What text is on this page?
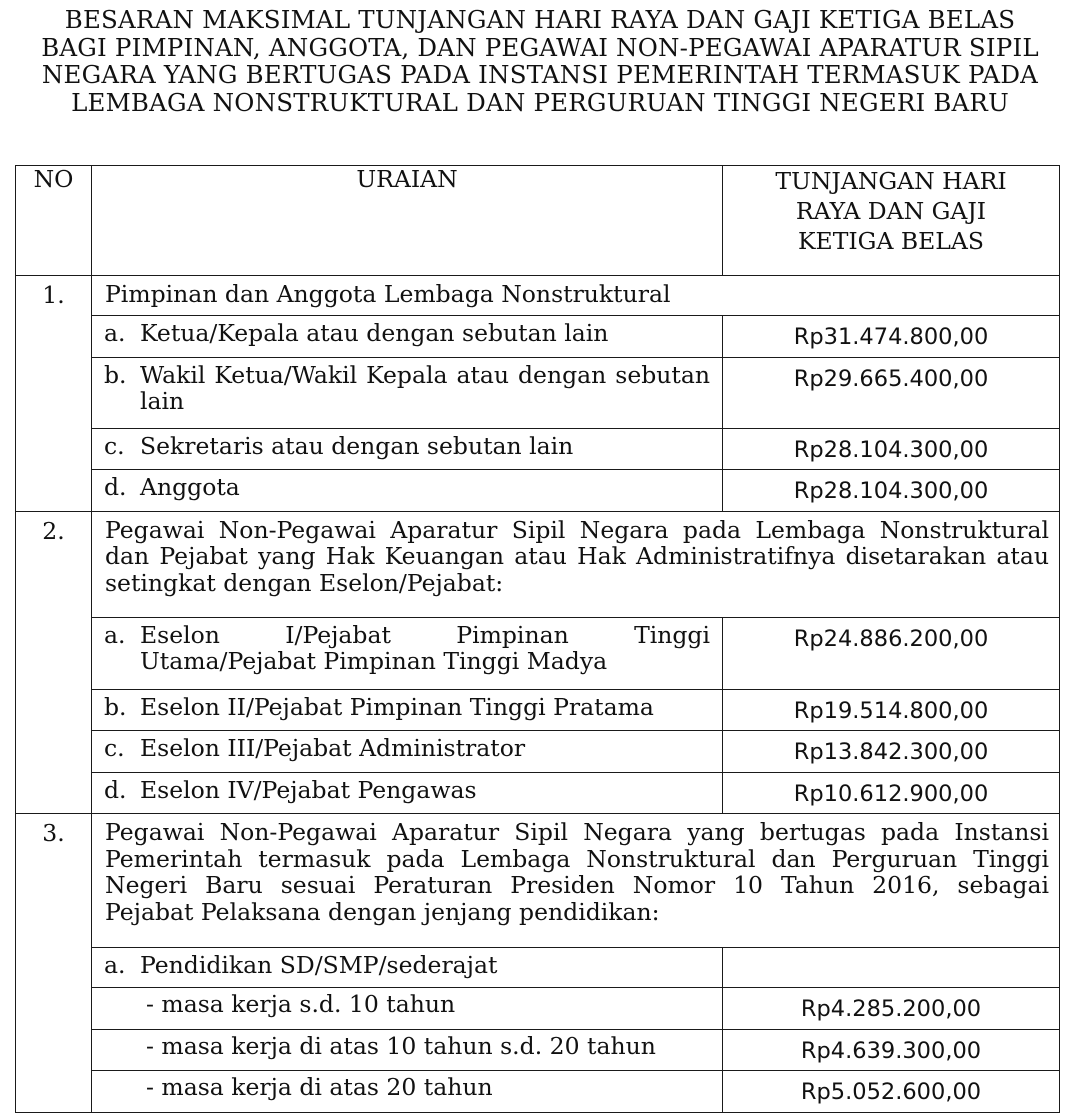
BESARAN MAKSIMAL TUNJANGAN HARI RAYA DAN GAJI KETIGA BELAS
BAGI PIMPINAN, ANGGOTA, DAN PEGAWAI NON-PEGAWAI APARATUR SIPIL
NEGARA YANG BERTUGAS PADA INSTANSI PEMERINTAH TERMASUK PADA
LEMBAGA NONSTRUKTURAL DAN PERGURUAN TINGGI NEGERI BARU
NO	URAIAN	TUNJANGAN HARI
RAYA DAN GAJI
KETIGA BELAS

1.	Pimpinan dan Anggota Lembaga Nonstruktural	

	a. Ketua/Kepala atau dengan sebutan lain	Rp31.474.800,00

	b. Wakil Ketua/Wakil Kepala atau dengan sebutan lain	Rp29.665.400,00

	c. Sekretaris atau dengan sebutan lain	Rp28.104.300,00

	d. Anggota	Rp28.104.300,00
2.	Pegawai Non-Pegawai Aparatur Sipil Negara pada Lembaga Nonstruktural dan Pejabat yang Hak Keuangan atau Hak Administratifnya disetarakan atau setingkat dengan Eselon/Pejabat:	

	a. Eselon I/Pejabat Pimpinan Tinggi Utama/Pejabat Pimpinan Tinggi Madya	Rp24.886.200,00

	b. Eselon II/Pejabat Pimpinan Tinggi Pratama	Rp19.514.800,00

	c. Eselon III/Pejabat Administrator	Rp13.842.300,00

	d. Eselon IV/Pejabat Pengawas	Rp10.612.900,00
3.	Pegawai Non-Pegawai Aparatur Sipil Negara yang bertugas pada Instansi Pemerintah termasuk pada Lembaga Nonstruktural dan Perguruan Tinggi Negeri Baru sesuai Peraturan Presiden Nomor 10 Tahun 2016, sebagai Pejabat Pelaksana dengan jenjang pendidikan:	

	a. Pendidikan SD/SMP/sederajat	

	- masa kerja s.d. 10 tahun	Rp4.285.200,00
	- masa kerja di atas 10 tahun s.d. 20 tahun	Rp4.639.300,00
	- masa kerja di atas 20 tahun	Rp5.052.600,00
